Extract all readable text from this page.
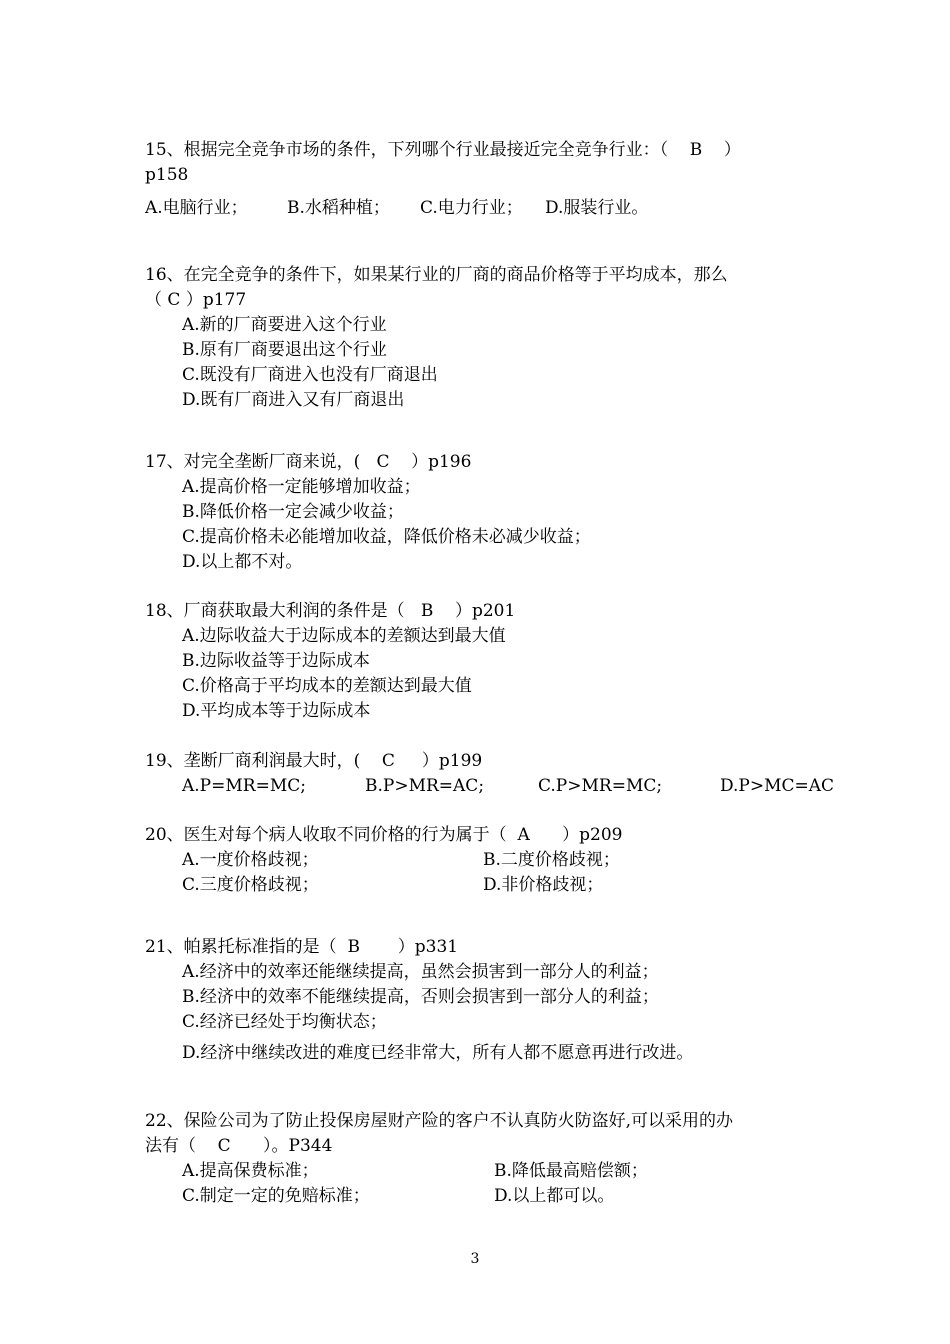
15、根据完全竞争市场的条件，下列哪个行业最接近完全竞争行业：（    B    ）
p158
A.电脑行业； B.水稻种植； C.电力行业； D.服装行业。
16、在完全竞争的条件下，如果某行业的厂商的商品价格等于平均成本，那么
（ C ）p177
A.新的厂商要进入这个行业
B.原有厂商要退出这个行业
C.既没有厂商进入也没有厂商退出
D.既有厂商进入又有厂商退出
17、对完全垄断厂商来说，(   C    ）p196
A.提高价格一定能够增加收益；
B.降低价格一定会减少收益；
C.提高价格未必能增加收益，降低价格未必减少收益；
D.以上都不对。
18、厂商获取最大利润的条件是（   B    ）p201
A.边际收益大于边际成本的差额达到最大值
B.边际收益等于边际成本
C.价格高于平均成本的差额达到最大值
D.平均成本等于边际成本
19、垄断厂商利润最大时，(    C     ）p199
A.P=MR=MC;	B.P>MR=AC;	C.P>MR=MC;	D.P>MC=AC
20、医生对每个病人收取不同价格的行为属于（  A      ）p209
A.一度价格歧视；	B.二度价格歧视；
C.三度价格歧视；	D.非价格歧视；
21、帕累托标准指的是（  B       ）p331
A.经济中的效率还能继续提高，虽然会损害到一部分人的利益；
B.经济中的效率不能继续提高，否则会损害到一部分人的利益；
C.经济已经处于均衡状态；
D.经济中继续改进的难度已经非常大，所有人都不愿意再进行改进。
22、保险公司为了防止投保房屋财产险的客户不认真防火防盗好,可以采用的办
法有（    C      ）。P344
A.提高保费标准；	B.降低最高赔偿额；
C.制定一定的免赔标准；	D.以上都可以。
3
